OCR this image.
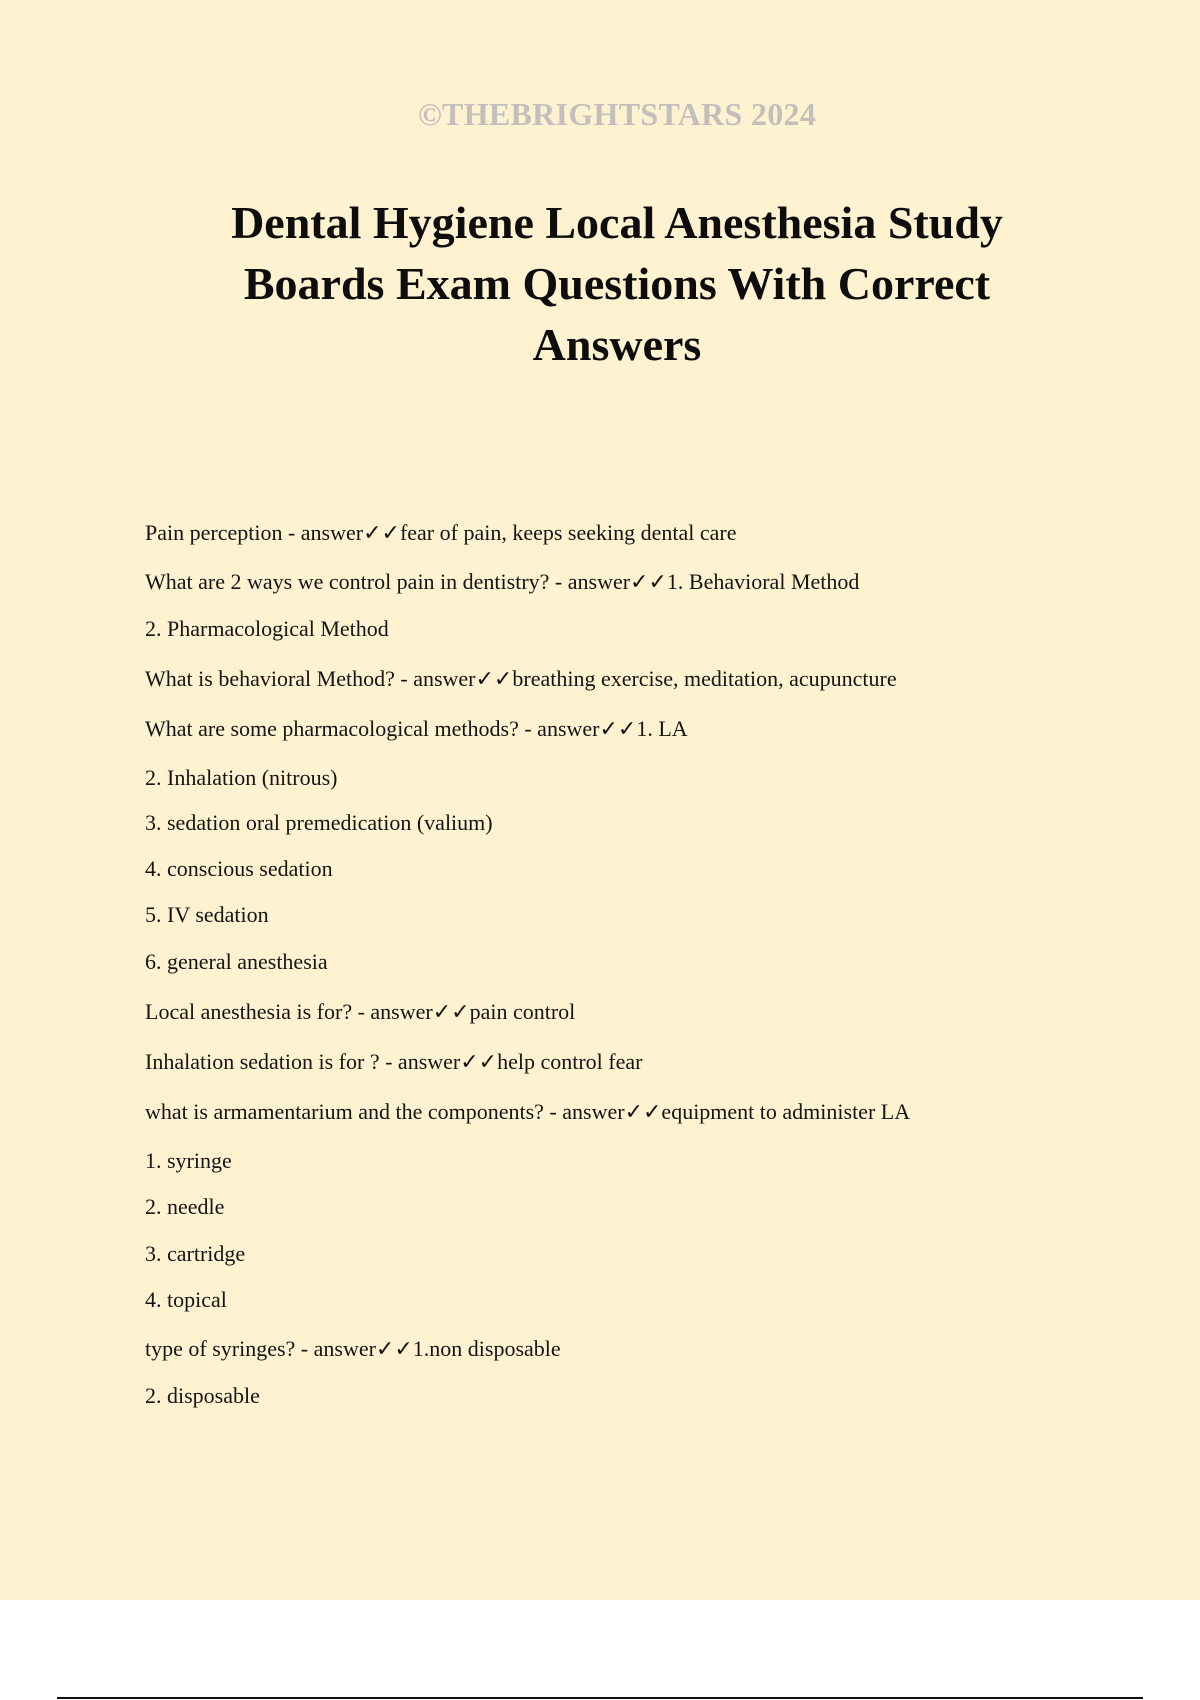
©THEBRIGHTSTARS 2024
Dental Hygiene Local Anesthesia Study Boards Exam Questions With Correct Answers
Pain perception - answer✓✓fear of pain, keeps seeking dental care
What are 2 ways we control pain in dentistry? - answer✓✓1. Behavioral Method
2. Pharmacological Method
What is behavioral Method? - answer✓✓breathing exercise, meditation, acupuncture
What are some pharmacological methods? - answer✓✓1. LA
2. Inhalation (nitrous)
3. sedation oral premedication (valium)
4. conscious sedation
5. IV sedation
6. general anesthesia
Local anesthesia is for? - answer✓✓pain control
Inhalation sedation is for ? - answer✓✓help control fear
what is armamentarium and the components? - answer✓✓equipment to administer LA
1. syringe
2. needle
3. cartridge
4. topical
type of syringes? - answer✓✓1.non disposable
2. disposable
